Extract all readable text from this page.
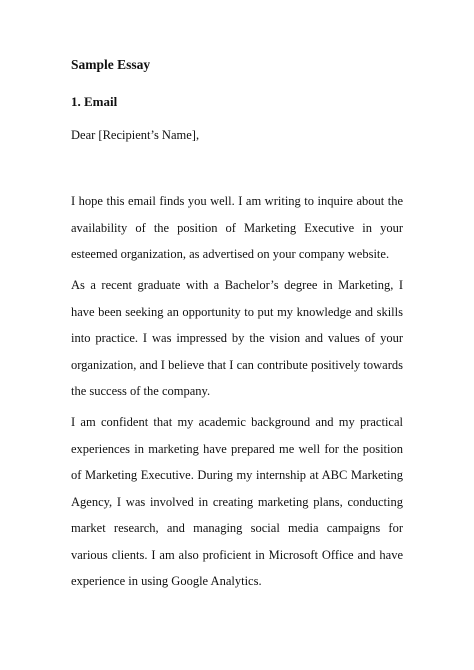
Sample Essay
1. Email
Dear [Recipient’s Name],

I hope this email finds you well. I am writing to inquire about the availability of the position of Marketing Executive in your esteemed organization, as advertised on your company website.

As a recent graduate with a Bachelor’s degree in Marketing, I have been seeking an opportunity to put my knowledge and skills into practice. I was impressed by the vision and values of your organization, and I believe that I can contribute positively towards the success of the company.

I am confident that my academic background and my practical experiences in marketing have prepared me well for the position of Marketing Executive. During my internship at ABC Marketing Agency, I was involved in creating marketing plans, conducting market research, and managing social media campaigns for various clients. I am also proficient in Microsoft Office and have experience in using Google Analytics.
